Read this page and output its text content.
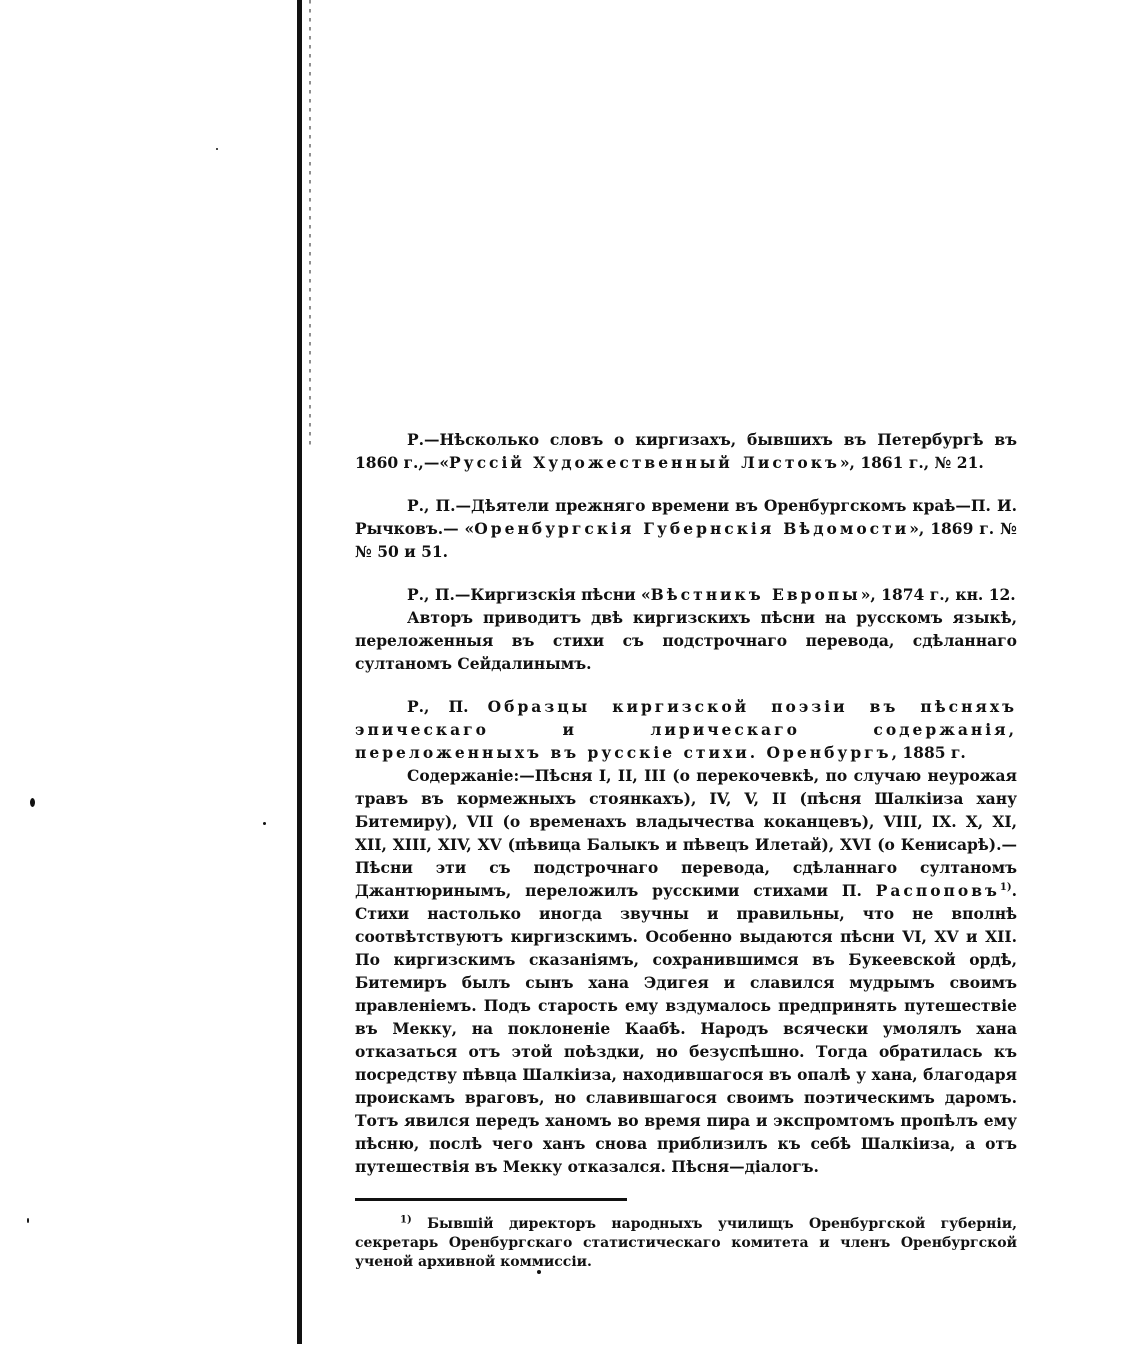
Р.—Нѣсколько словъ о киргизахъ, бывшихъ въ Петербургѣ въ 1860 г.,—«Руссiй Художественный Листокъ», 1861 г., № 21.

Р., П.—Дѣятели прежняго времени въ Оренбургскомъ краѣ—П. И. Рычковъ.— «Оренбургскiя Губернскiя Вѣдомости», 1869 г. №№ 50 и 51.

Р., П.—Киргизскiя пѣсни «Вѣстникъ Европы», 1874 г., кн. 12.

Авторъ приводитъ двѣ киргизскихъ пѣсни на русскомъ языкѣ, переложенныя въ стихи съ подстрочнаго перевода, сдѣланнаго султаномъ Сейдалинымъ.

Р., П. Образцы киргизской поэзiи въ пѣсняхъ эпическаго и лирическаго содержанiя, переложенныхъ въ русскiе стихи. Оренбургъ, 1885 г.

Содержанiе:—Пѣсня I, II, III (о перекочевкѣ, по случаю неурожая травъ въ кормежныхъ стоянкахъ), IV, V, II (пѣсня Шалкiиза хану Битемиру), VII (о временахъ владычества коканцевъ), VIII, IX. X, XI, XII, XIII, XIV, XV (пѣвица Балыкъ и пѣвецъ Илетай), XVI (о Кенисарѣ).—Пѣсни эти съ подстрочнаго перевода, сдѣланнаго султаномъ Джантюринымъ, переложилъ русскими стихами П. Распоповъ$^{1)}$. Стихи настолько иногда звучны и правильны, что не вполнѣ соотвѣтствуютъ киргизскимъ. Особенно выдаются пѣсни VI, XV и XII. По киргизскимъ сказанiямъ, сохранившимся въ Букеевской ордѣ, Битемиръ былъ сынъ хана Эдигея и славился мудрымъ своимъ правленiемъ. Подъ старость ему вздумалось предпринять путешествiе въ Мекку, на поклоненiе Каабѣ. Народъ всячески умолялъ хана отказаться отъ этой поѣздки, но безуспѣшно. Тогда обратилась къ посредству пѣвца Шалкiиза, находившагося въ опалѣ у хана, благодаря проискамъ враговъ, но славившагося своимъ поэтическимъ даромъ. Тотъ явился передъ ханомъ во время пира и экспромтомъ пропѣлъ ему пѣсню, послѣ чего ханъ снова приблизилъ къ себѣ Шалкiиза, а отъ путешествiя въ Мекку отказался. Пѣсня—дiалогъ.

$^{1)}$ Бывшiй директоръ народныхъ училищъ Оренбургской губернiи, секретарь Оренбургскаго статистическаго комитета и членъ Оренбургской ученой архивной коммиссiи.
